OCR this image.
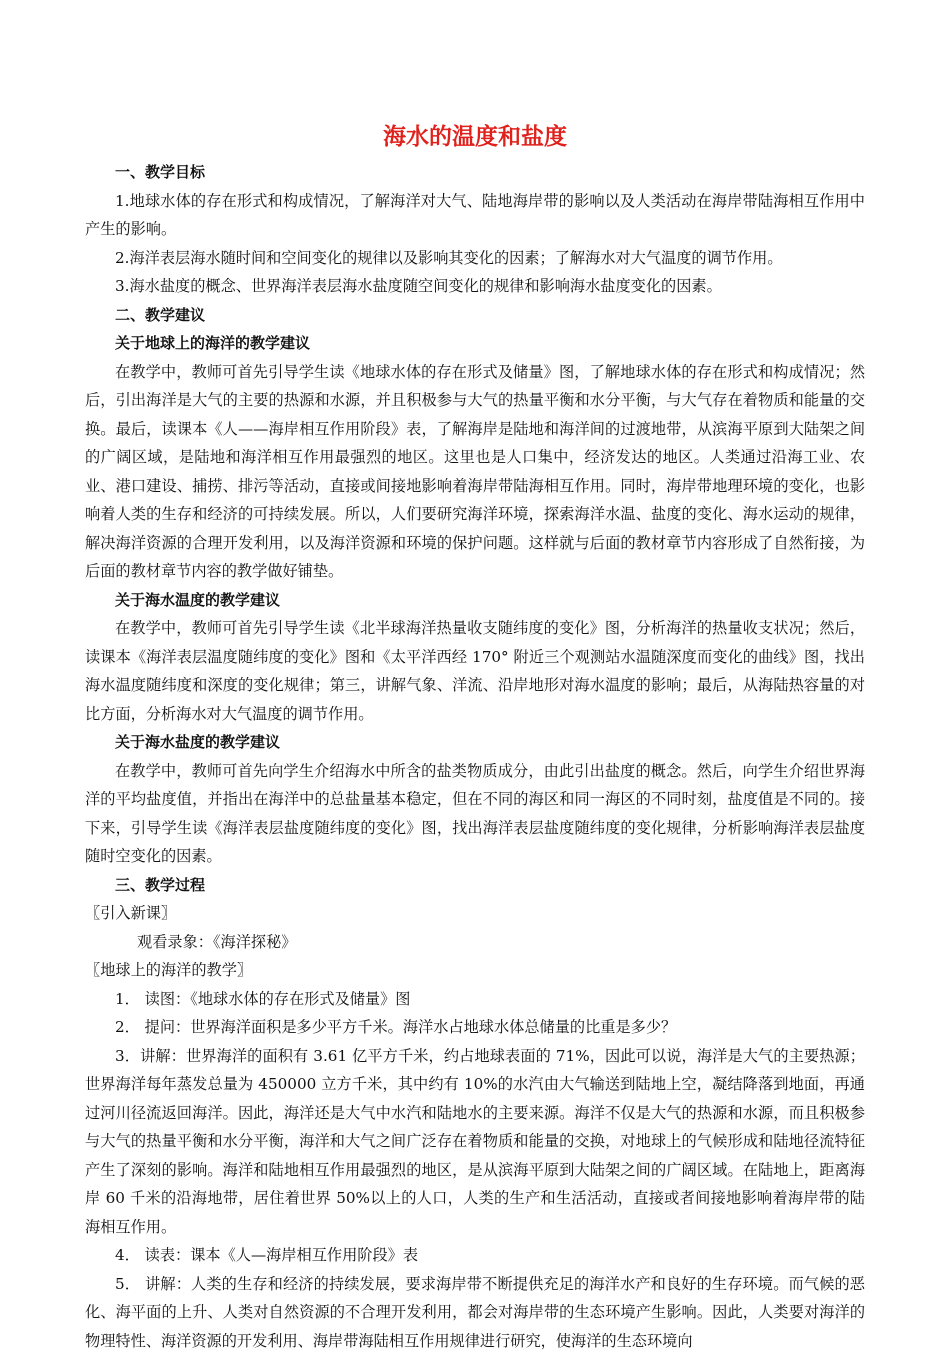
海水的温度和盐度
一、教学目标
1.地球水体的存在形式和构成情况，了解海洋对大气、陆地海岸带的影响以及人类活动在海岸带陆海相互作用中产生的影响。
2.海洋表层海水随时间和空间变化的规律以及影响其变化的因素；了解海水对大气温度的调节作用。
3.海水盐度的概念、世界海洋表层海水盐度随空间变化的规律和影响海水盐度变化的因素。
二、教学建议
关于地球上的海洋的教学建议
在教学中，教师可首先引导学生读《地球水体的存在形式及储量》图，了解地球水体的存在形式和构成情况；然后，引出海洋是大气的主要的热源和水源，并且积极参与大气的热量平衡和水分平衡，与大气存在着物质和能量的交换。最后，读课本《人——海岸相互作用阶段》表，了解海岸是陆地和海洋间的过渡地带，从滨海平原到大陆架之间的广阔区域，是陆地和海洋相互作用最强烈的地区。这里也是人口集中，经济发达的地区。人类通过沿海工业、农业、港口建设、捕捞、排污等活动，直接或间接地影响着海岸带陆海相互作用。同时，海岸带地理环境的变化，也影响着人类的生存和经济的可持续发展。所以，人们要研究海洋环境，探索海洋水温、盐度的变化、海水运动的规律，解决海洋资源的合理开发利用，以及海洋资源和环境的保护问题。这样就与后面的教材章节内容形成了自然衔接，为后面的教材章节内容的教学做好铺垫。
关于海水温度的教学建议
在教学中，教师可首先引导学生读《北半球海洋热量收支随纬度的变化》图，分析海洋的热量收支状况；然后，读课本《海洋表层温度随纬度的变化》图和《太平洋西经 170° 附近三个观测站水温随深度而变化的曲线》图，找出海水温度随纬度和深度的变化规律；第三，讲解气象、洋流、沿岸地形对海水温度的影响；最后，从海陆热容量的对比方面，分析海水对大气温度的调节作用。
关于海水盐度的教学建议
在教学中，教师可首先向学生介绍海水中所含的盐类物质成分，由此引出盐度的概念。然后，向学生介绍世界海洋的平均盐度值，并指出在海洋中的总盐量基本稳定，但在不同的海区和同一海区的不同时刻，盐度值是不同的。接下来，引导学生读《海洋表层盐度随纬度的变化》图，找出海洋表层盐度随纬度的变化规律，分析影响海洋表层盐度随时空变化的因素。
三、教学过程
〖引入新课〗
观看录象：《海洋探秘》
〖地球上的海洋的教学〗
1． 读图：《地球水体的存在形式及储量》图
2． 提问：世界海洋面积是多少平方千米。海洋水占地球水体总储量的比重是多少？
3．讲解：世界海洋的面积有 3.61 亿平方千米，约占地球表面的 71%，因此可以说，海洋是大气的主要热源；世界海洋每年蒸发总量为 450000 立方千米，其中约有 10%的水汽由大气输送到陆地上空，凝结降落到地面，再通过河川径流返回海洋。因此，海洋还是大气中水汽和陆地水的主要来源。海洋不仅是大气的热源和水源，而且积极参与大气的热量平衡和水分平衡，海洋和大气之间广泛存在着物质和能量的交换，对地球上的气候形成和陆地径流特征产生了深刻的影响。海洋和陆地相互作用最强烈的地区，是从滨海平原到大陆架之间的广阔区域。在陆地上，距离海岸 60 千米的沿海地带，居住着世界 50%以上的人口，人类的生产和生活活动，直接或者间接地影响着海岸带的陆海相互作用。
4． 读表：课本《人—海岸相互作用阶段》表
5． 讲解：人类的生存和经济的持续发展，要求海岸带不断提供充足的海洋水产和良好的生存环境。而气候的恶化、海平面的上升、人类对自然资源的不合理开发利用，都会对海岸带的生态环境产生影响。因此，人类要对海洋的物理特性、海洋资源的开发利用、海岸带海陆相互作用规律进行研究，使海洋的生态环境向
